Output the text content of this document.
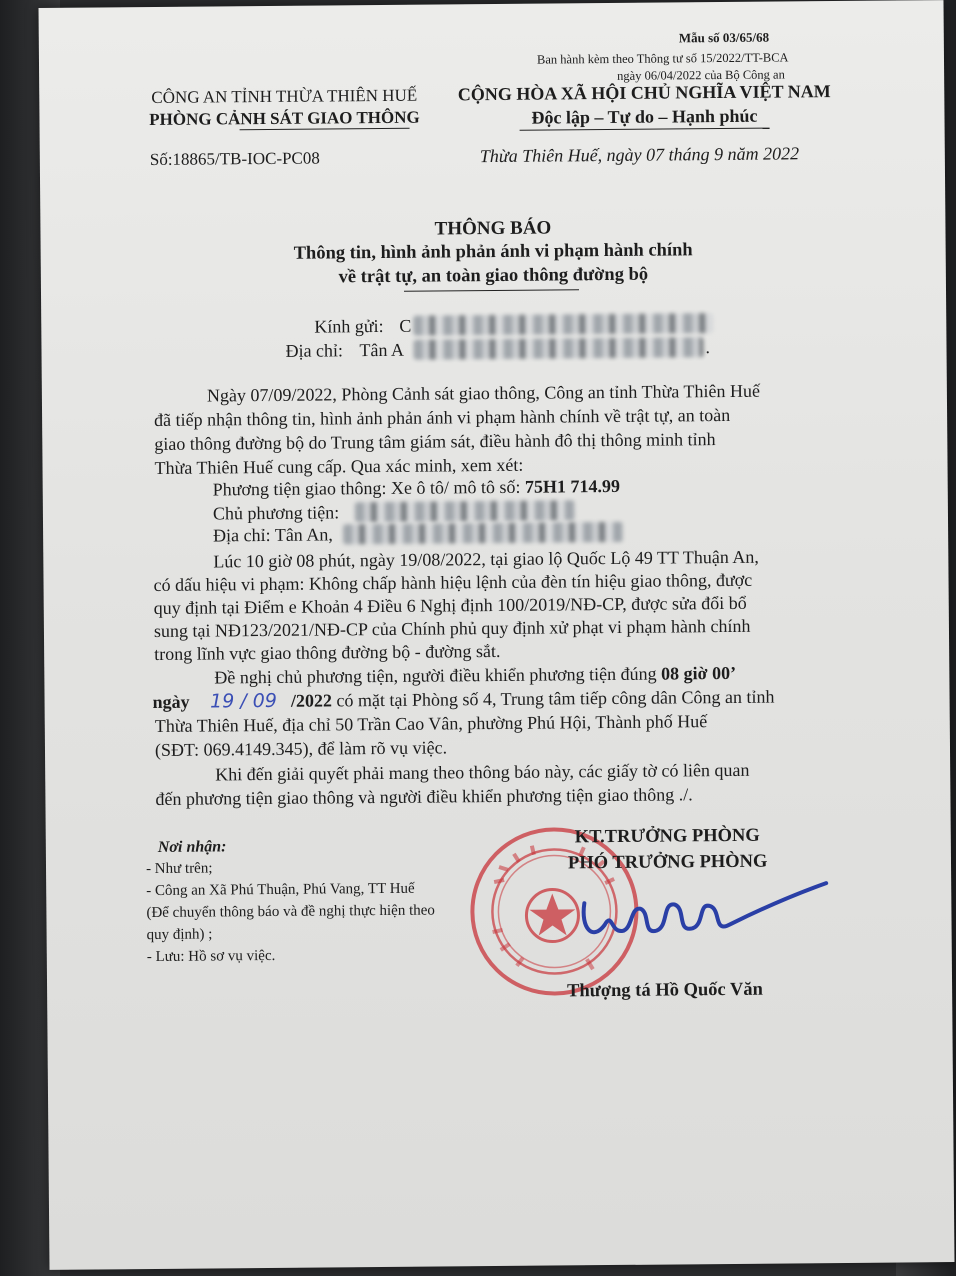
Mẫu số 03/65/68
Ban hành kèm theo Thông tư số 15/2022/TT-BCA
ngày 06/04/2022 của Bộ Công an
CÔNG AN TỈNH THỪA THIÊN HUẾ
PHÒNG CẢNH SÁT GIAO THÔNG
CỘNG HÒA XÃ HỘI CHỦ NGHĨA VIỆT NAM
Độc lập – Tự do – Hạnh phúc
Số:18865/TB-IOC-PC08	Thừa Thiên Huế, ngày 07 tháng 9 năm 2022
THÔNG BÁO
Thông tin, hình ảnh phản ánh vi phạm hành chính
về trật tự, an toàn giao thông đường bộ
Kính gửi: C
Địa chỉ: Tân A	.
Ngày 07/09/2022, Phòng Cảnh sát giao thông, Công an tỉnh Thừa Thiên Huế
đã tiếp nhận thông tin, hình ảnh phản ánh vi phạm hành chính về trật tự, an toàn
giao thông đường bộ do Trung tâm giám sát, điều hành đô thị thông minh tỉnh
Thừa Thiên Huế cung cấp. Qua xác minh, xem xét:
Phương tiện giao thông: Xe ô tô/ mô tô số: 75H1 714.99
Chủ phương tiện:
Địa chỉ: Tân An,
Lúc 10 giờ 08 phút, ngày 19/08/2022, tại giao lộ Quốc Lộ 49 TT Thuận An,
có dấu hiệu vi phạm: Không chấp hành hiệu lệnh của đèn tín hiệu giao thông, được
quy định tại Điểm e Khoản 4 Điều 6 Nghị định 100/2019/NĐ-CP, được sửa đổi bổ
sung tại NĐ123/2021/NĐ-CP của Chính phủ quy định xử phạt vi phạm hành chính
trong lĩnh vực giao thông đường bộ - đường sắt.
Đề nghị chủ phương tiện, người điều khiển phương tiện đúng 08 giờ 00’
ngày 19 / 09 /2022 có mặt tại Phòng số 4, Trung tâm tiếp công dân Công an tỉnh
Thừa Thiên Huế, địa chỉ 50 Trần Cao Vân, phường Phú Hội, Thành phố Huế
(SĐT: 069.4149.345), để làm rõ vụ việc.
Khi đến giải quyết phải mang theo thông báo này, các giấy tờ có liên quan
đến phương tiện giao thông và người điều khiển phương tiện giao thông ./.
Nơi nhận:
- Như trên;
- Công an Xã Phú Thuận, Phú Vang, TT Huế
(Để chuyển thông báo và đề nghị thực hiện theo
quy định) ;
- Lưu: Hồ sơ vụ việc.
KT.TRƯỞNG PHÒNG
PHÓ TRƯỞNG PHÒNG
Thượng tá Hồ Quốc Văn
